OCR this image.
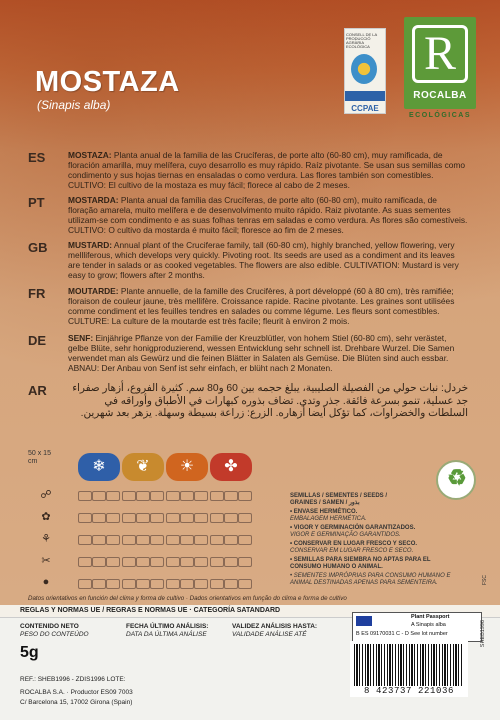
MOSTAZA
(Sinapis alba)
CONSELL DE LA PRODUCCIÓ AGRÀRIA ECOLÒGICA
CCPAE
R
ROCALBA
ECOLÓGICAS
ES	MOSTAZA: Planta anual de la familia de las Crucíferas, de porte alto (60-80 cm), muy ramificada, de floración amarilla, muy melífera, cuyo desarrollo es muy rápido. Raíz pivotante. Se usan sus semillas como condimento y sus hojas tiernas en ensaladas o como verdura. Las flores también son comestibles. CULTIVO: El cultivo de la mostaza es muy fácil; florece al cabo de 2 meses.
PT	MOSTARDA: Planta anual da família das Crucíferas, de porte alto (60-80 cm), muito ramificada, de floração amarela, muito melífera e de desenvolvimento muito rápido. Raiz pivotante. As suas sementes utilizam-se com condimento e as suas folhas tenras em saladas e como verdura. As flores são comestíveis. CULTIVO: O cultivo da mostarda é muito fácil; floresce ao fim de 2 meses.
GB MUSTARD: Annual plant of the Cruciferae family, tall (60-80 cm), highly branched, yellow flowering, very mellliferous, which develops very quickly. Pivoting root. Its seeds are used as a condiment and its leaves are tender in salads or as cooked vegetables. The flowers are also edible. CULTIVATION: Mustard is very easy to grow; flowers after 2 months.
FR	MOUTARDE: Plante annuelle, de la famille des Crucifères, à port développé (60 à 80 cm), très ramifiée; floraison de couleur jaune, très mellifère. Croissance rapide. Racine pivotante. Les graines sont utilisées comme condiment et les feuilles tendres en salades ou comme légume. Les fleurs sont comestibles. CULTURE: La culture de la moutarde est très facile; fleurit à environ 2 mois.
DE	SENF: Einjährige Pflanze von der Familie der Kreuzblütler, von hohem Stiel (60-80 cm), sehr verästet, gelbe Blüte, sehr honigproduzierend, wessen Entwicklung sehr schnell ist. Drehbare Wurzel. Die Samen verwendet man als Gewürz und die feinen Blätter in Salaten als Gemüse. Die Blüten sind auch essbar. ABNAU: Der Anbau von Senf ist sehr einfach, er blüht nach 2 Monaten.
AR	خردل: نبات حولي من الفصيلة الصليبية، يبلغ حجمه بين 60 و80 سم. كثيرة الفروع، أزهار صفراء جد عسلية، تنمو بسرعة فائقة. جذر وتدي. تضاف بذوره كبهارات في الأطباق وأوراقه في السلطات والخضراوات، كما تؤكل أيضا أزهاره. الزرع: زراعة بسيطة وسهلة. يزهر بعد شهرين.
50 x 15
cm	❄	❦	☀	✤
☍
✿
⚘
✂
●
SEMILLAS / SEMENTES / SEEDS /
GRAINES / SAMEN / بذور
• ENVASE HERMÉTICO.
EMBALAGEM HERMÉTICA.
• VIGOR Y GERMINACIÓN GARANTIZADOS.
VIGOR E GERMINAÇÃO GARANTIDOS.
• CONSERVAR EN LUGAR FRESCO Y SECO.
CONSERVAR EM LUGAR FRESCO E SECO.
• SEMILLAS PARA SIEMBRA NO APTAS PARA EL CONSUMO HUMANO O ANIMAL.
• SEMENTES IMPRÓPRIAS PARA CONSUMO HUMANO E ANIMAL DESTINADAS APENAS PARA SEMENTEIRA.
♻
Datos orientativos en función del clima y forma de cultivo · Dados orientativos em função do clima e forma de cultivo
REGLAS Y NORMAS UE / REGRAS E NORMAS UE · CATEGORÍA SATANDARD
CONTENIDO NETO
PESO DO CONTEÚDO
5g
FECHA ÚLTIMO ANÁLISIS:
DATA DA ÚLTIMA ANÁLISE
VALIDEZ ANÁLISIS HASTA:
VALIDADE ANÁLISE ATÉ
REF.: SHEB1996 - ZDIS1996 LOTE:
ROCALBA S.A. · Productor ES09 7003
C/ Barcelona 15, 17002 Girona (Spain)
Plant Passport
A Sinapis alba
B ES 09170031 C - D See lot number
8 423737 221036
SHEB1996
FSC
